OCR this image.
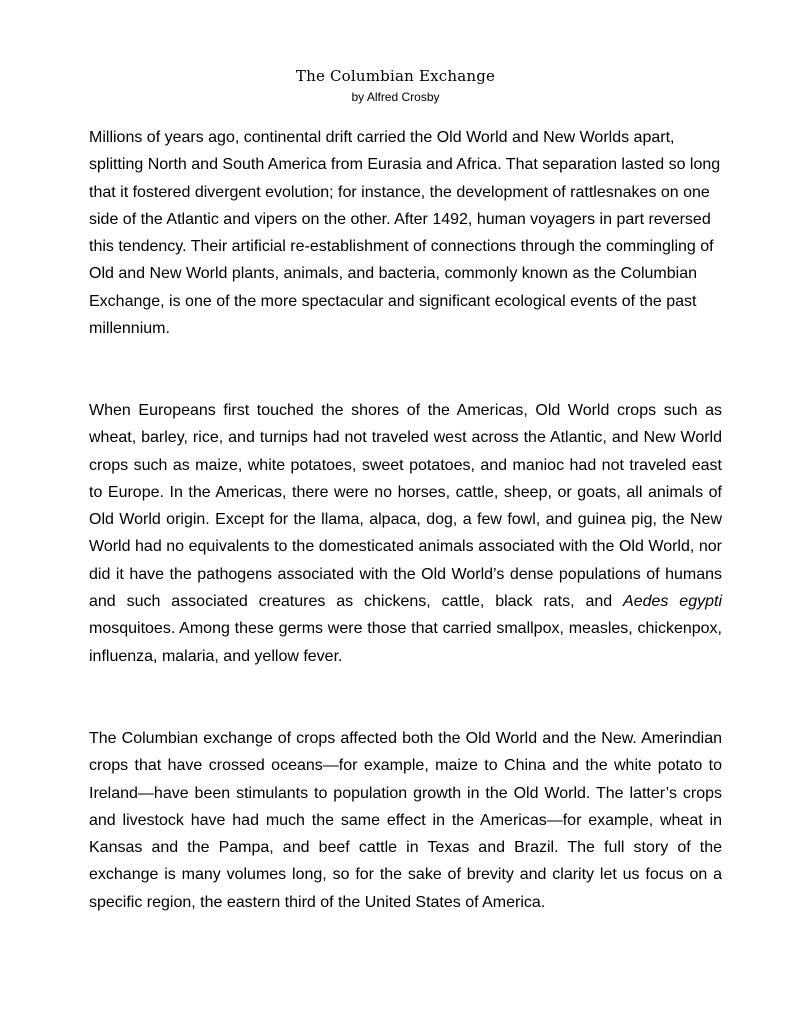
The Columbian Exchange
by Alfred Crosby

Millions of years ago, continental drift carried the Old World and New Worlds apart, splitting North and South America from Eurasia and Africa. That separation lasted so long that it fostered divergent evolution; for instance, the development of rattlesnakes on one side of the Atlantic and vipers on the other. After 1492, human voyagers in part reversed this tendency. Their artificial re-establishment of connections through the commingling of Old and New World plants, animals, and bacteria, commonly known as the Columbian Exchange, is one of the more spectacular and significant ecological events of the past millennium.

When Europeans first touched the shores of the Americas, Old World crops such as wheat, barley, rice, and turnips had not traveled west across the Atlantic, and New World crops such as maize, white potatoes, sweet potatoes, and manioc had not traveled east to Europe. In the Americas, there were no horses, cattle, sheep, or goats, all animals of Old World origin. Except for the llama, alpaca, dog, a few fowl, and guinea pig, the New World had no equivalents to the domesticated animals associated with the Old World, nor did it have the pathogens associated with the Old World’s dense populations of humans and such associated creatures as chickens, cattle, black rats, and Aedes egypti mosquitoes. Among these germs were those that carried smallpox, measles, chickenpox, influenza, malaria, and yellow fever.

The Columbian exchange of crops affected both the Old World and the New. Amerindian crops that have crossed oceans—for example, maize to China and the white potato to Ireland—have been stimulants to population growth in the Old World. The latter’s crops and livestock have had much the same effect in the Americas—for example, wheat in Kansas and the Pampa, and beef cattle in Texas and Brazil. The full story of the exchange is many volumes long, so for the sake of brevity and clarity let us focus on a specific region, the eastern third of the United States of America.
